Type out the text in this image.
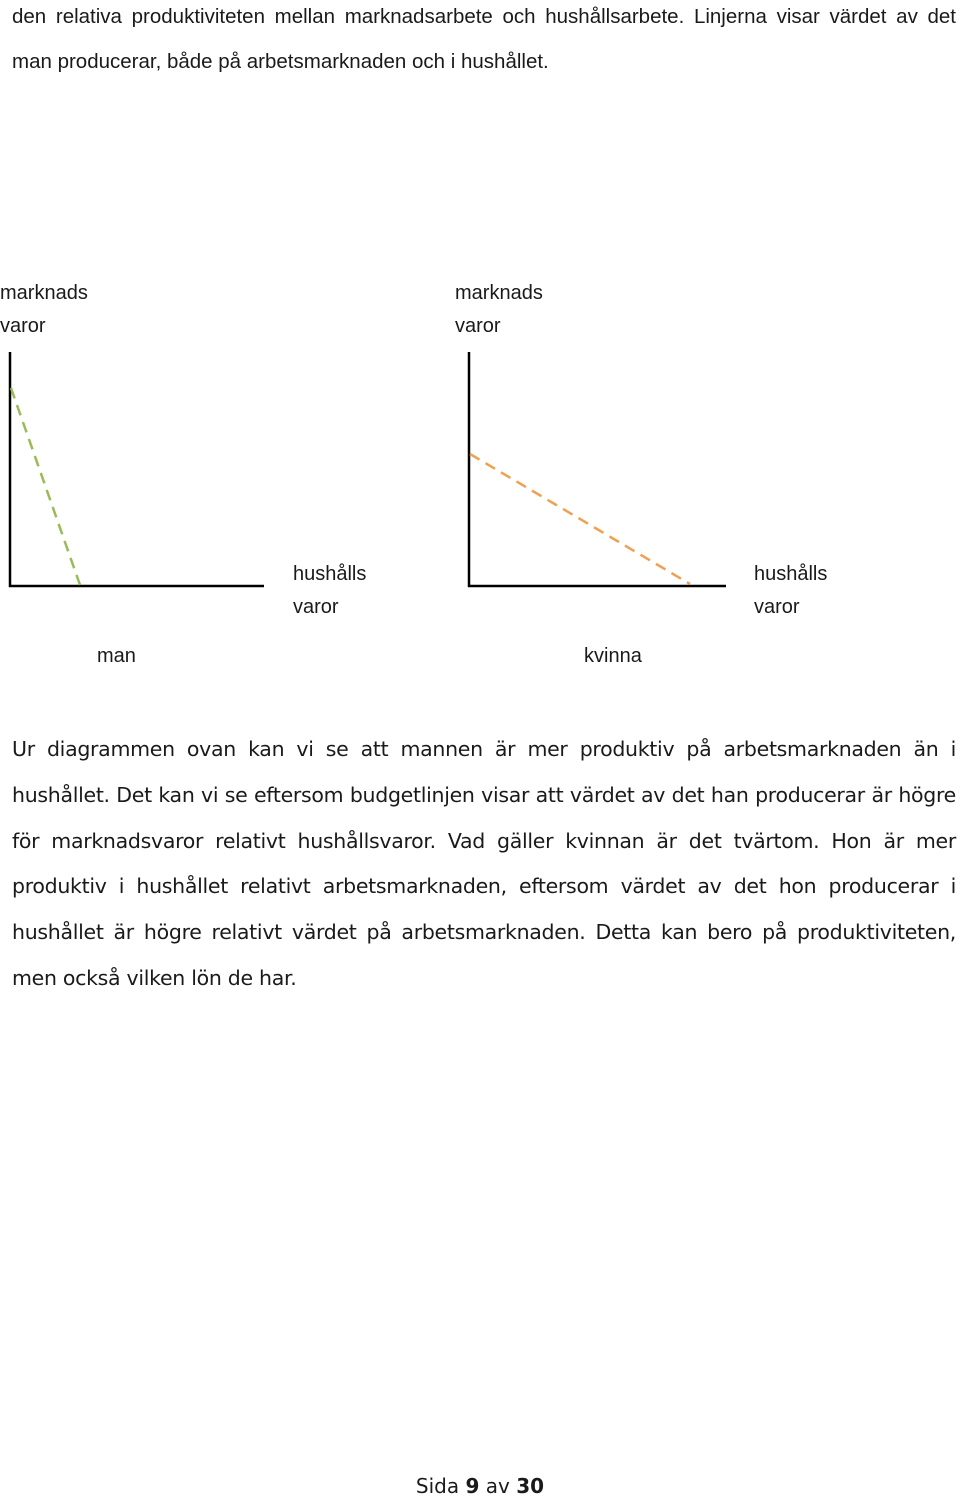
den relativa produktiviteten mellan marknadsarbete och hushållsarbete. Linjerna visar värdet av det man producerar, både på arbetsmarknaden och i hushållet.

marknads
varor
hushålls
varor
man
marknads
varor
hushålls
varor
kvinna

Ur diagrammen ovan kan vi se att mannen är mer produktiv på arbetsmarknaden än i hushållet. Det kan vi se eftersom budgetlinjen visar att värdet av det han producerar är högre för marknadsvaror relativt hushållsvaror. Vad gäller kvinnan är det tvärtom. Hon är mer produktiv i hushållet relativt arbetsmarknaden, eftersom värdet av det hon producerar i hushållet är högre relativt värdet på arbetsmarknaden. Detta kan bero på produktiviteten, men också vilken lön de har.

Sida 9 av 30
